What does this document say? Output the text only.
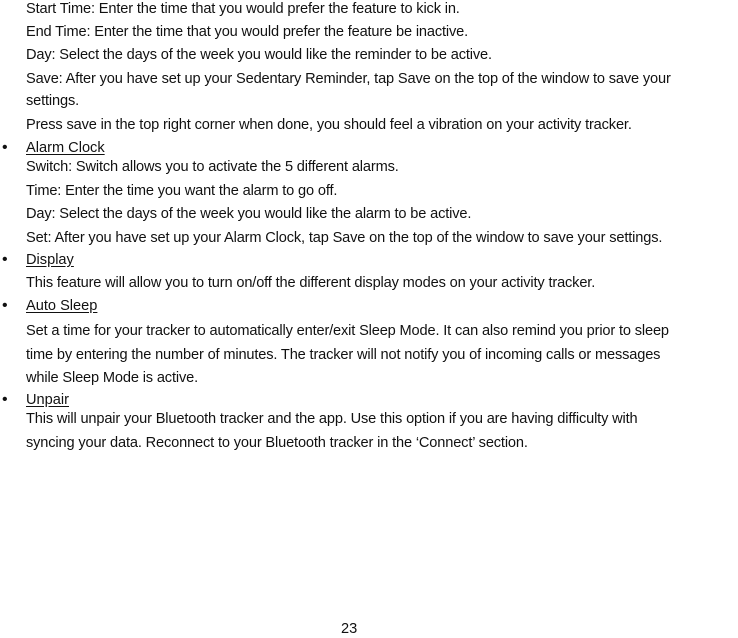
Start Time: Enter the time that you would prefer the feature to kick in.
End Time: Enter the time that you would prefer the feature be inactive.
Day: Select the days of the week you would like the reminder to be active.
Save: After you have set up your Sedentary Reminder, tap Save on the top of the window to save your
settings.
Press save in the top right corner when done, you should feel a vibration on your activity tracker.
• Alarm Clock
Switch: Switch allows you to activate the 5 different alarms.
Time: Enter the time you want the alarm to go off.
Day: Select the days of the week you would like the alarm to be active.
Set: After you have set up your Alarm Clock, tap Save on the top of the window to save your settings.
• Display
This feature will allow you to turn on/off the different display modes on your activity tracker.
• Auto Sleep
Set a time for your tracker to automatically enter/exit Sleep Mode. It can also remind you prior to sleep
time by entering the number of minutes. The tracker will not notify you of incoming calls or messages
while Sleep Mode is active.
• Unpair
This will unpair your Bluetooth tracker and the app. Use this option if you are having difficulty with
syncing your data. Reconnect to your Bluetooth tracker in the ‘Connect’ section.
23
